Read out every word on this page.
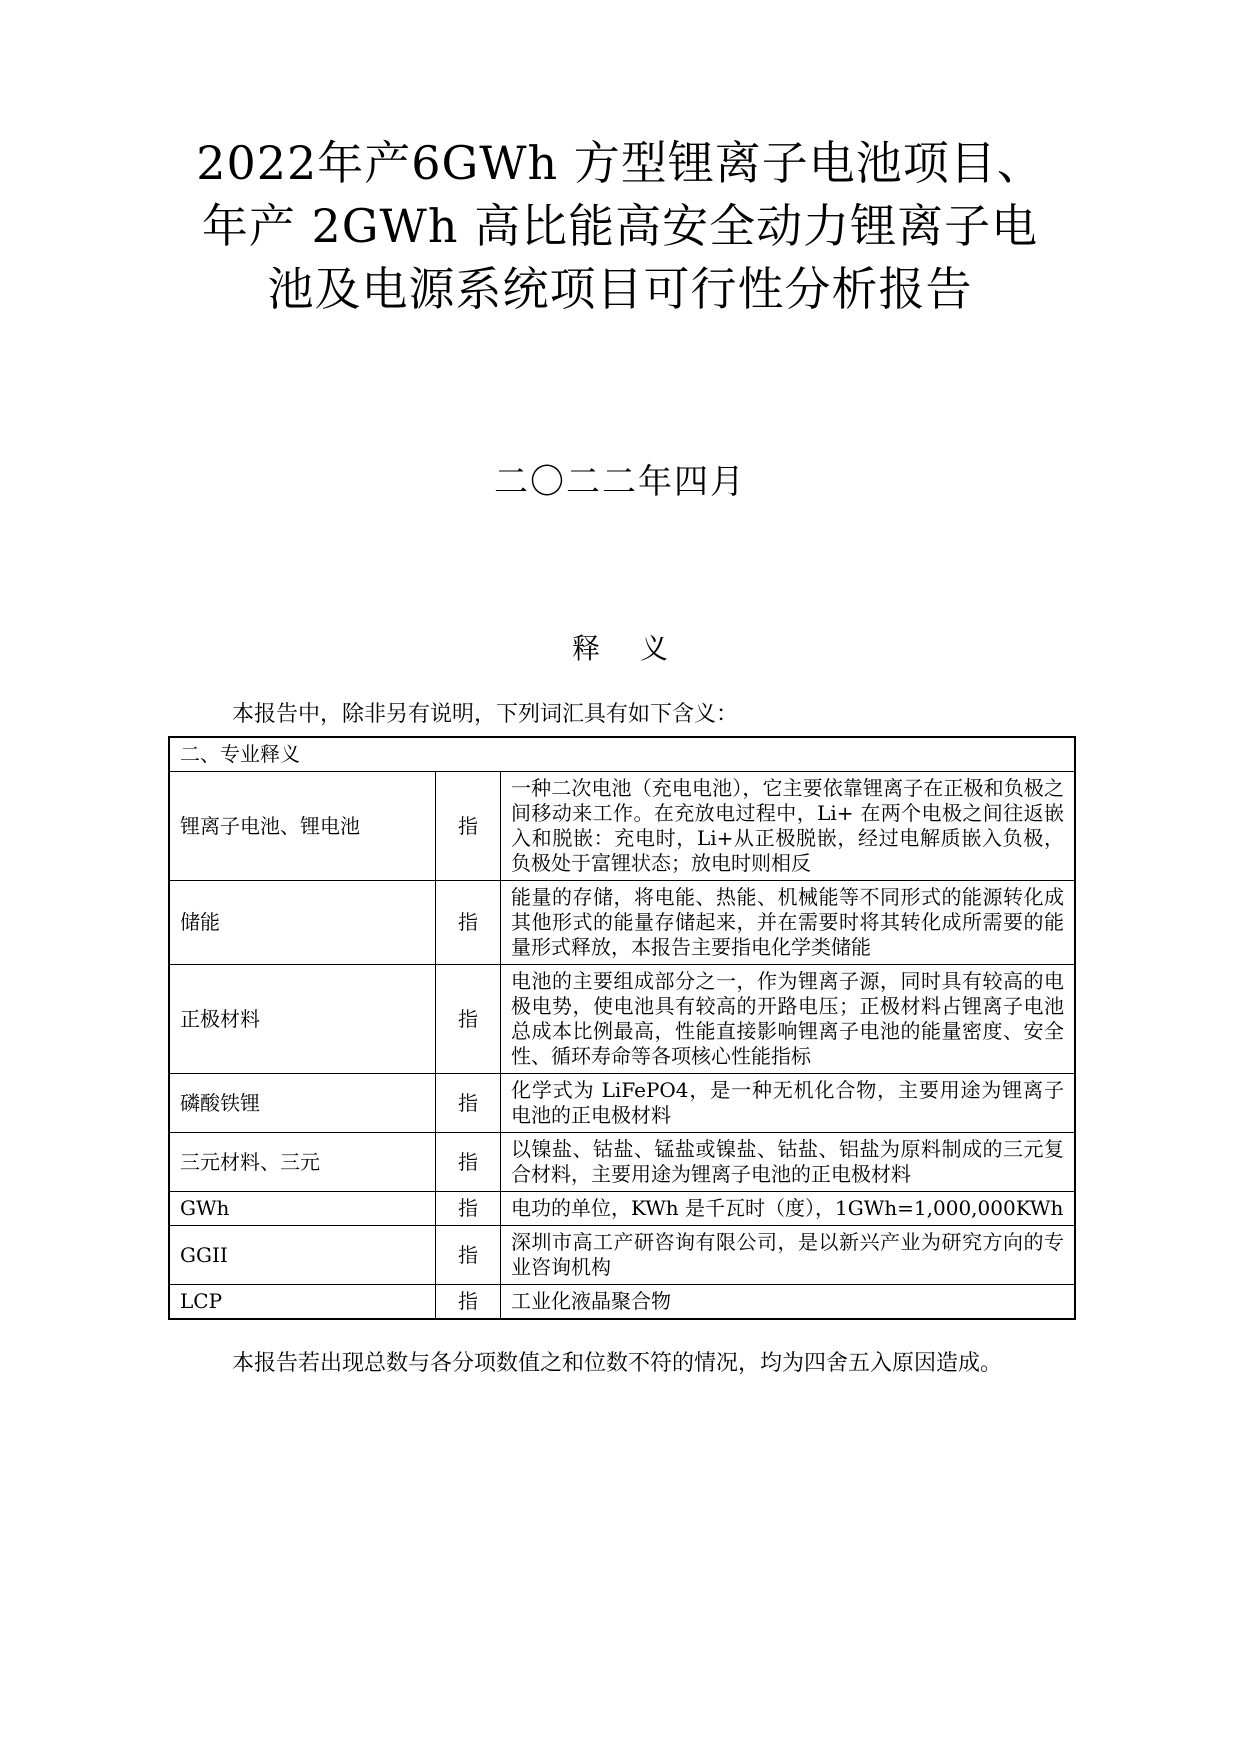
2022年产6GWh 方型锂离子电池项目、
年产 2GWh 高比能高安全动力锂离子电
池及电源系统项目可行性分析报告
二〇二二年四月
释 义
本报告中，除非另有说明，下列词汇具有如下含义：
二、专业释义		
锂离子电池、锂电池	指	一种二次电池（充电电池），它主要依靠锂离子在正极和负极之间移动来工作。在充放电过程中，Li+ 在两个电极之间往返嵌入和脱嵌：充电时，Li+从正极脱嵌，经过电解质嵌入负极，负极处于富锂状态；放电时则相反
储能	指	能量的存储，将电能、热能、机械能等不同形式的能源转化成其他形式的能量存储起来，并在需要时将其转化成所需要的能量形式释放，本报告主要指电化学类储能
正极材料	指	电池的主要组成部分之一，作为锂离子源，同时具有较高的电极电势，使电池具有较高的开路电压；正极材料占锂离子电池总成本比例最高，性能直接影响锂离子电池的能量密度、安全性、循环寿命等各项核心性能指标
磷酸铁锂	指	化学式为 LiFePO4，是一种无机化合物，主要用途为锂离子电池的正电极材料
三元材料、三元	指	以镍盐、钴盐、锰盐或镍盐、钴盐、铝盐为原料制成的三元复合材料，主要用途为锂离子电池的正电极材料
GWh	指	电功的单位，KWh 是千瓦时（度），1GWh=1,000,000KWh
GGII	指	深圳市高工产研咨询有限公司，是以新兴产业为研究方向的专业咨询机构
LCP	指	工业化液晶聚合物
本报告若出现总数与各分项数值之和位数不符的情况，均为四舍五入原因造成。
